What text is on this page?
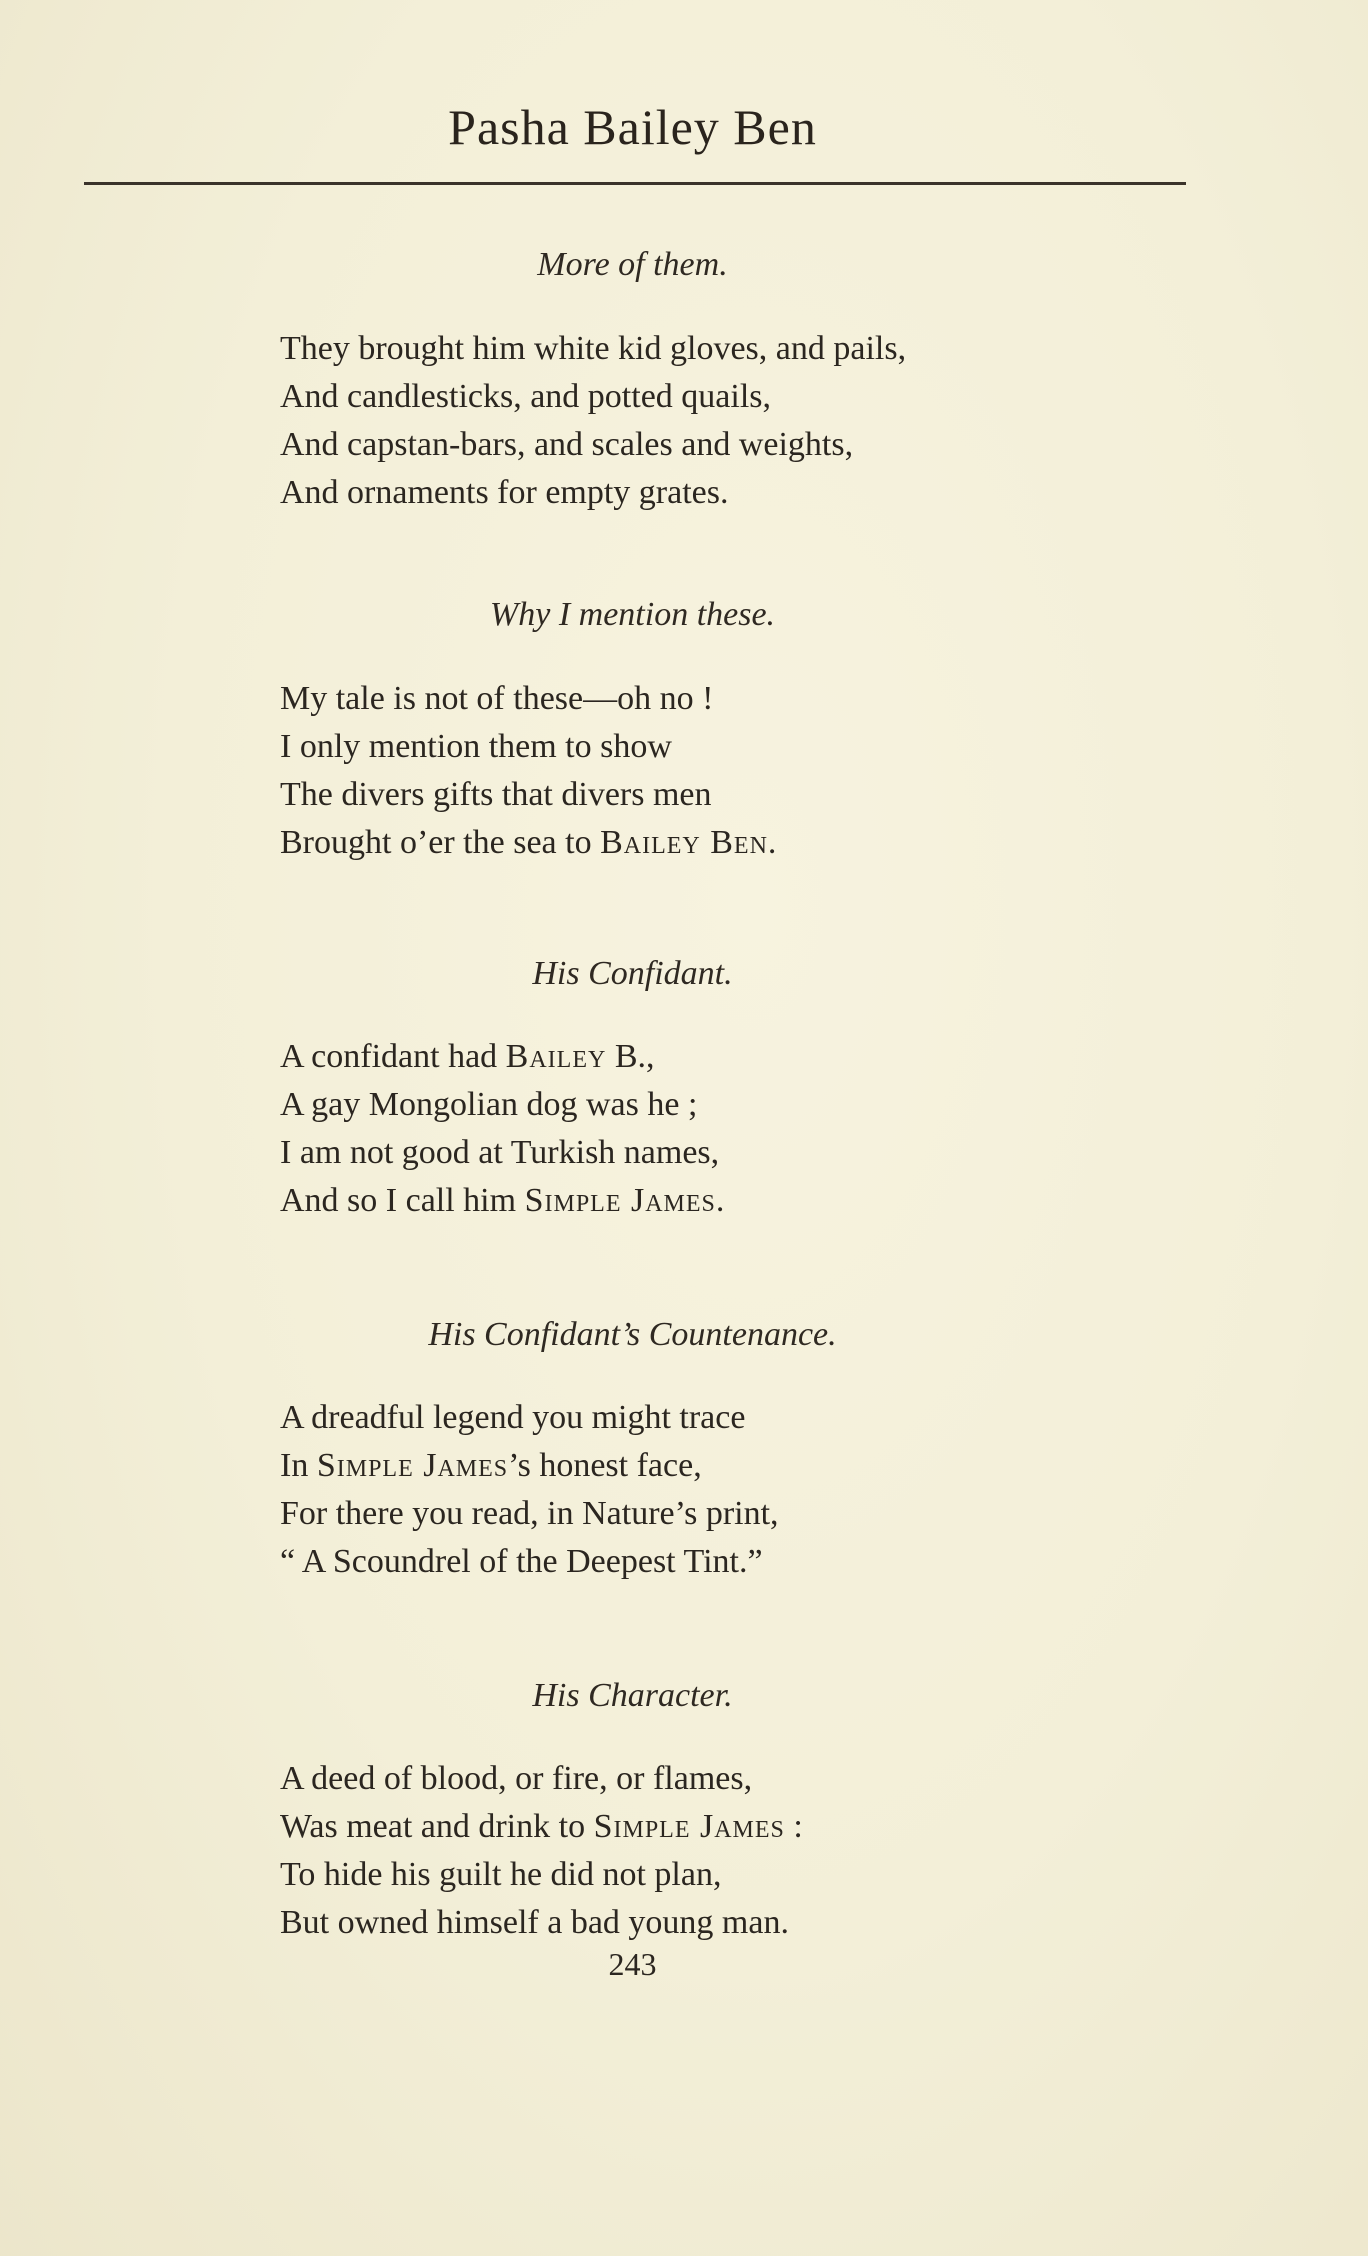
Pasha Bailey Ben
More of them.
They brought him white kid gloves, and pails,
And candlesticks, and potted quails,
And capstan-bars, and scales and weights,
And ornaments for empty grates.
Why I mention these.
My tale is not of these—oh no !
I only mention them to show
The divers gifts that divers men
Brought o’er the sea to Bailey Ben.
His Confidant.
A confidant had Bailey B.,
A gay Mongolian dog was he ;
I am not good at Turkish names,
And so I call him Simple James.
His Confidant’s Countenance.
A dreadful legend you might trace
In Simple James’s honest face,
For there you read, in Nature’s print,
“ A Scoundrel of the Deepest Tint.”
His Character.
A deed of blood, or fire, or flames,
Was meat and drink to Simple James :
To hide his guilt he did not plan,
But owned himself a bad young man.
243
